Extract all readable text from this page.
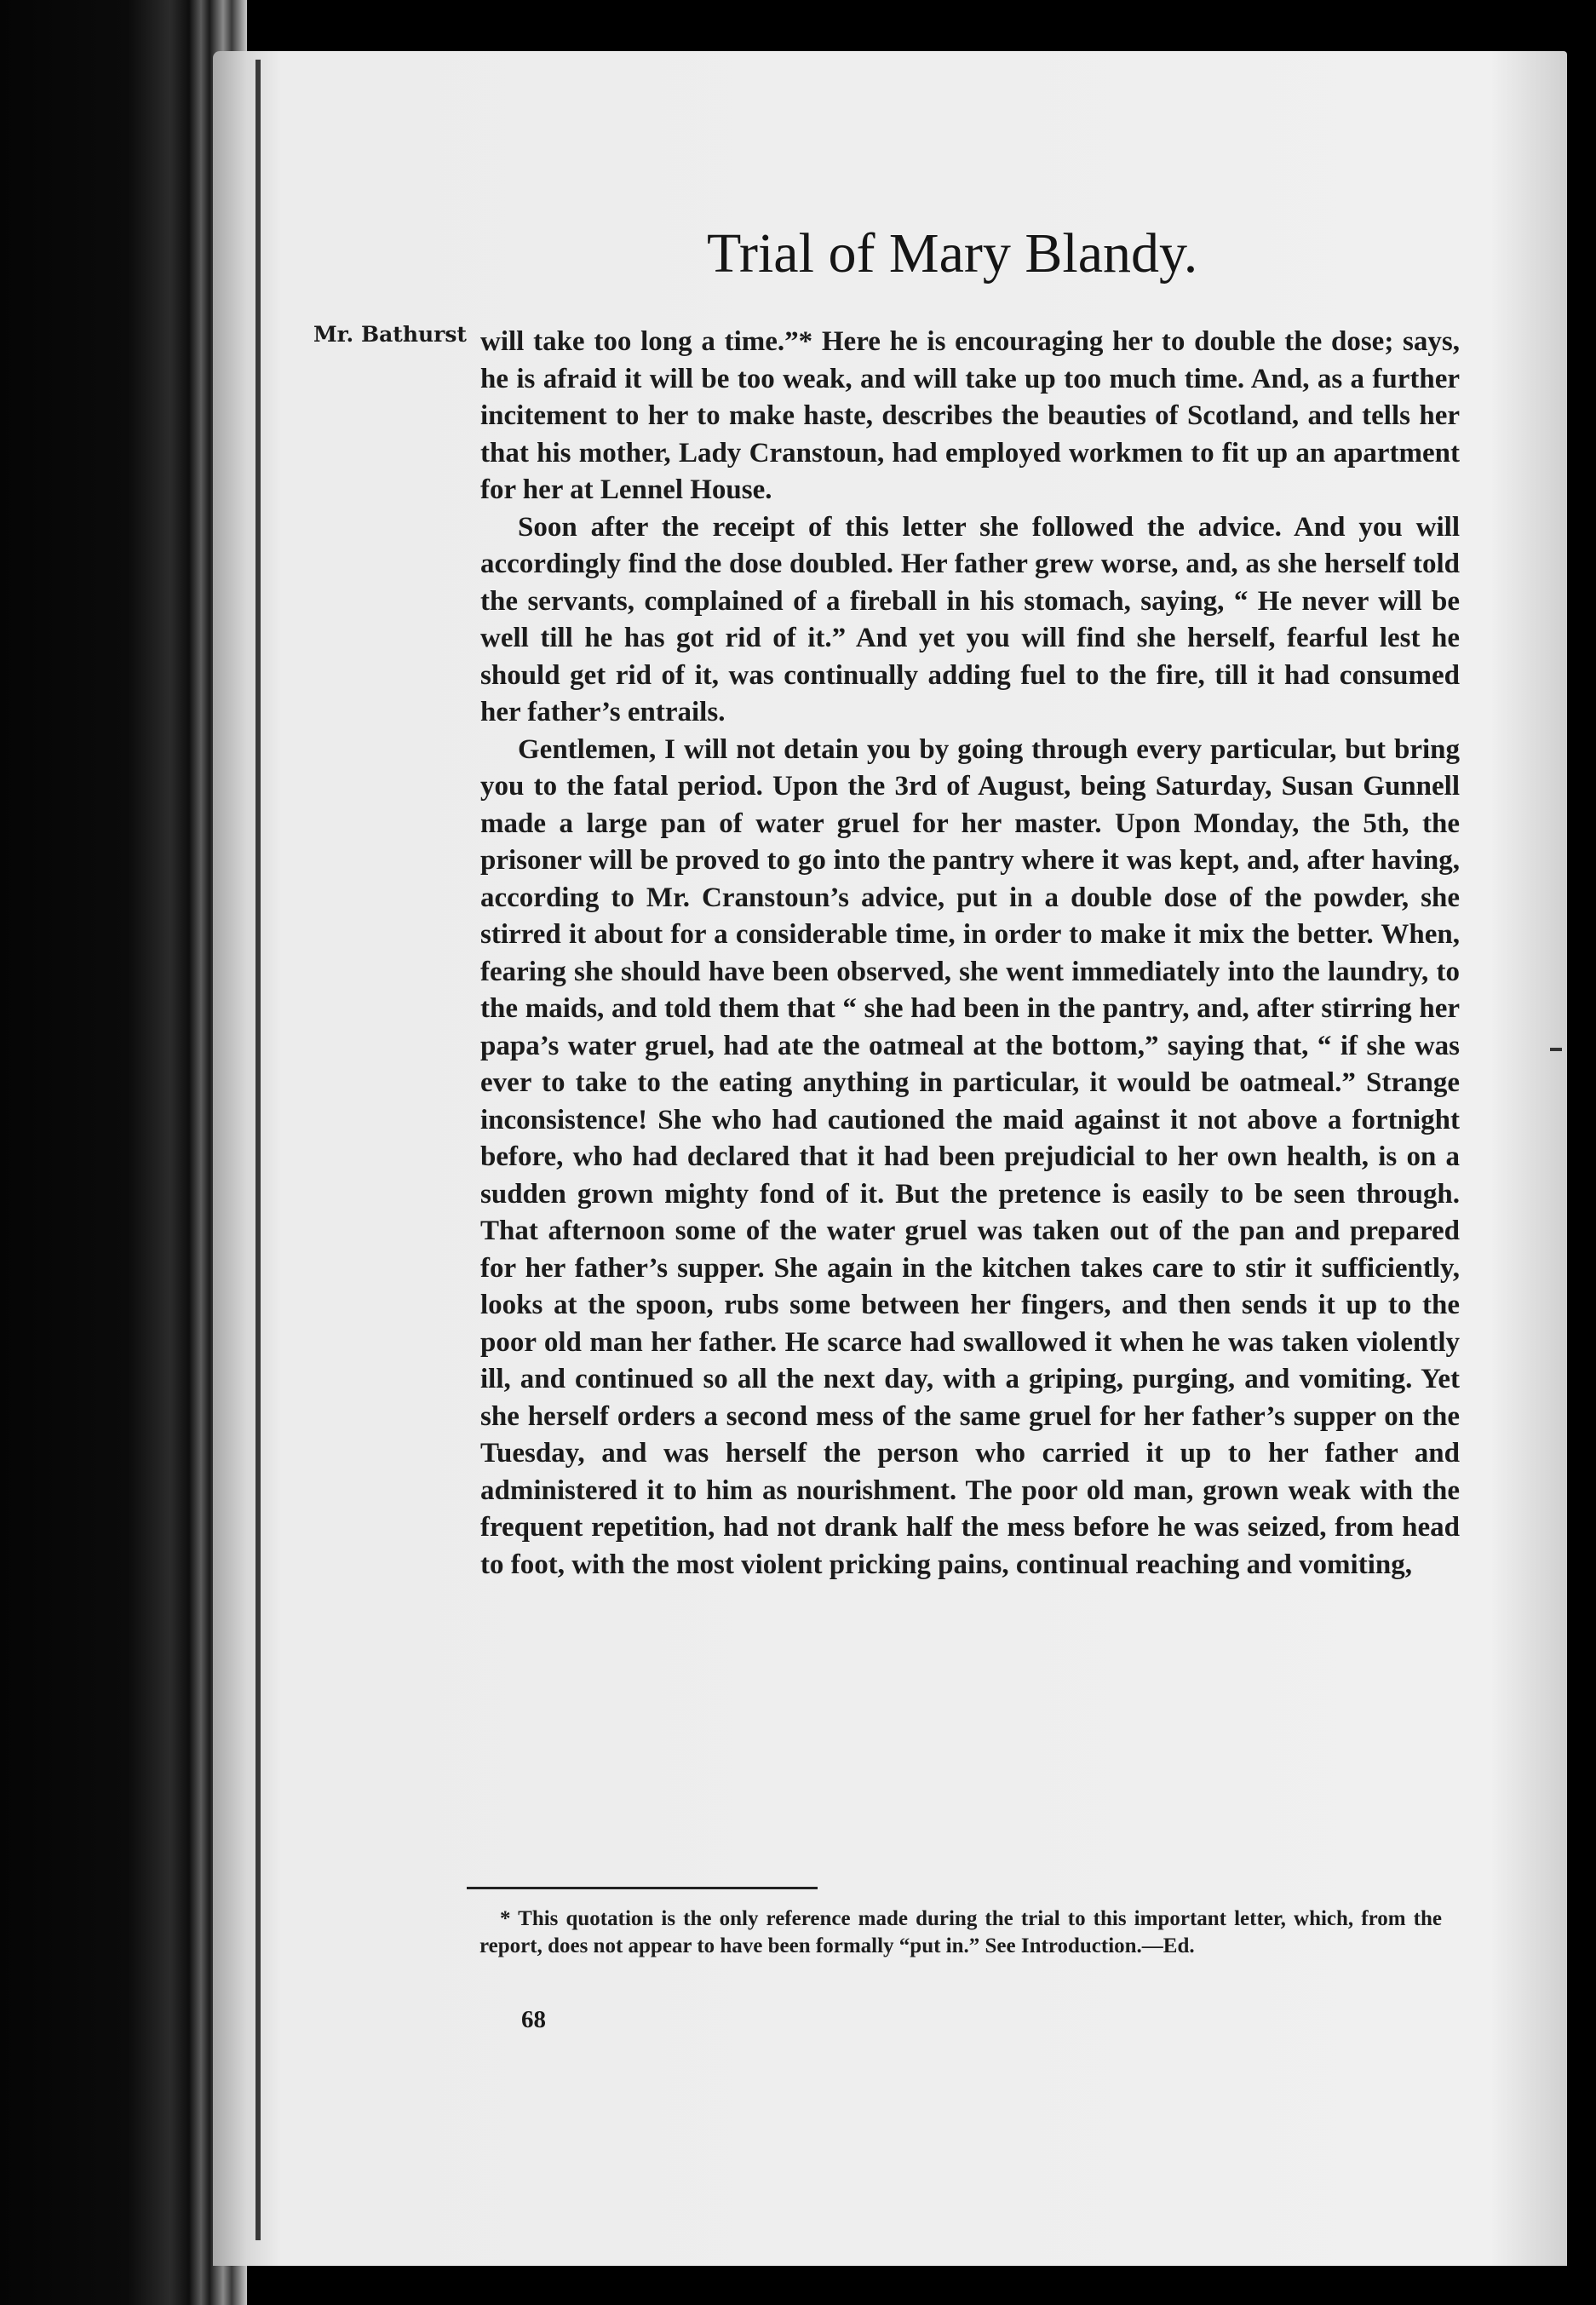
Trial of Mary Blandy.
Mr. Bathurst will take too long a time.”* Here he is encouraging her to double the dose; says, he is afraid it will be too weak, and will take up too much time. And, as a further incitement to her to make haste, describes the beauties of Scotland, and tells her that his mother, Lady Cranstoun, had employed workmen to fit up an apartment for her at Lennel House.

Soon after the receipt of this letter she followed the advice. And you will accordingly find the dose doubled. Her father grew worse, and, as she herself told the servants, complained of a fireball in his stomach, saying, “ He never will be well till he has got rid of it.” And yet you will find she herself, fearful lest he should get rid of it, was continually adding fuel to the fire, till it had consumed her father’s entrails.

Gentlemen, I will not detain you by going through every particular, but bring you to the fatal period. Upon the 3rd of August, being Saturday, Susan Gunnell made a large pan of water gruel for her master. Upon Monday, the 5th, the prisoner will be proved to go into the pantry where it was kept, and, after having, according to Mr. Cranstoun’s advice, put in a double dose of the powder, she stirred it about for a considerable time, in order to make it mix the better. When, fearing she should have been observed, she went immediately into the laundry, to the maids, and told them that “ she had been in the pantry, and, after stirring her papa’s water gruel, had ate the oatmeal at the bottom,” saying that, “ if she was ever to take to the eating anything in particular, it would be oatmeal.” Strange inconsistence! She who had cautioned the maid against it not above a fortnight before, who had declared that it had been prejudicial to her own health, is on a sudden grown mighty fond of it. But the pretence is easily to be seen through. That afternoon some of the water gruel was taken out of the pan and prepared for her father’s supper. She again in the kitchen takes care to stir it sufficiently, looks at the spoon, rubs some between her fingers, and then sends it up to the poor old man her father. He scarce had swallowed it when he was taken violently ill, and continued so all the next day, with a griping, purging, and vomiting. Yet she herself orders a second mess of the same gruel for her father’s supper on the Tuesday, and was herself the person who carried it up to her father and administered it to him as nourishment. The poor old man, grown weak with the frequent repetition, had not drank half the mess before he was seized, from head to foot, with the most violent pricking pains, continual reaching and vomiting,

* This quotation is the only reference made during the trial to this important letter, which, from the report, does not appear to have been formally “put in.” See Introduction.—Ed.

68
